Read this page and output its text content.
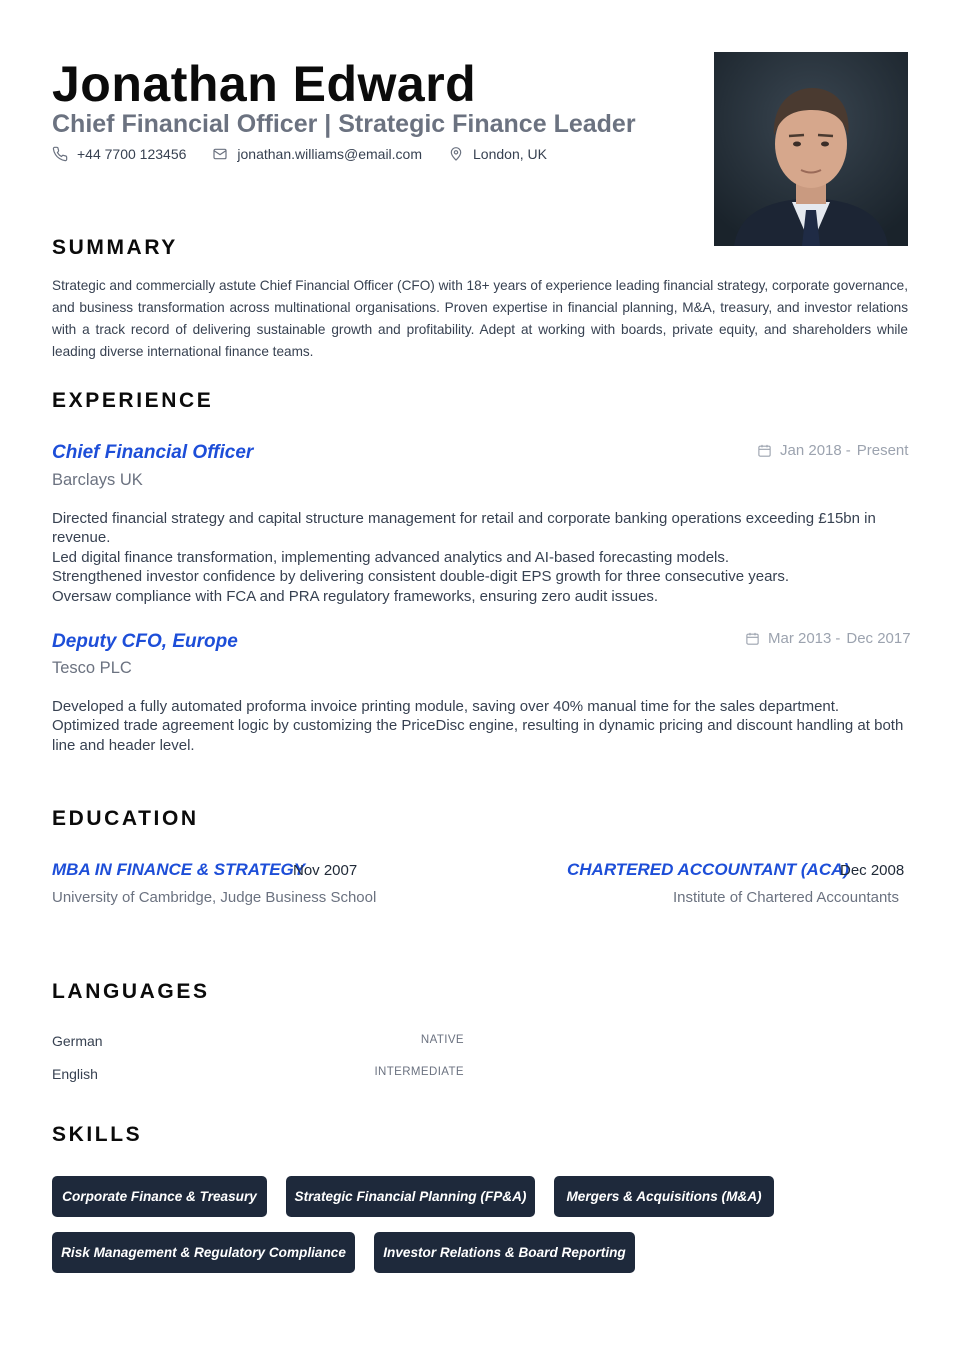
Jonathan Edward
Chief Financial Officer | Strategic Finance Leader
+44 7700 123456	jonathan.williams@email.com	London, UK
SUMMARY
Strategic and commercially astute Chief Financial Officer (CFO) with 18+ years of experience leading financial strategy, corporate governance, and business transformation across multinational organisations. Proven expertise in financial planning, M&A, treasury, and investor relations with a track record of delivering sustainable growth and profitability. Adept at working with boards, private equity, and shareholders while leading diverse international finance teams.
EXPERIENCE
Chief Financial Officer
Barclays UK
Jan 2018 - Present
Directed financial strategy and capital structure management for retail and corporate banking operations exceeding £15bn in revenue.
Led digital finance transformation, implementing advanced analytics and AI-based forecasting models.
Strengthened investor confidence by delivering consistent double-digit EPS growth for three consecutive years.
Oversaw compliance with FCA and PRA regulatory frameworks, ensuring zero audit issues.
Deputy CFO, Europe
Tesco PLC
Mar 2013 - Dec 2017
Developed a fully automated proforma invoice printing module, saving over 40% manual time for the sales department.
Optimized trade agreement logic by customizing the PriceDisc engine, resulting in dynamic pricing and discount handling at both line and header level.
EDUCATION
MBA IN FINANCE & STRATEGY
Nov 2007
University of Cambridge, Judge Business School
CHARTERED ACCOUNTANT (ACA)
Dec 2008
Institute of Chartered Accountants
LANGUAGES
German	NATIVE
English	INTERMEDIATE
SKILLS
Corporate Finance & Treasury	Strategic Financial Planning (FP&A)	Mergers & Acquisitions (M&A)
Risk Management & Regulatory Compliance	Investor Relations & Board Reporting
